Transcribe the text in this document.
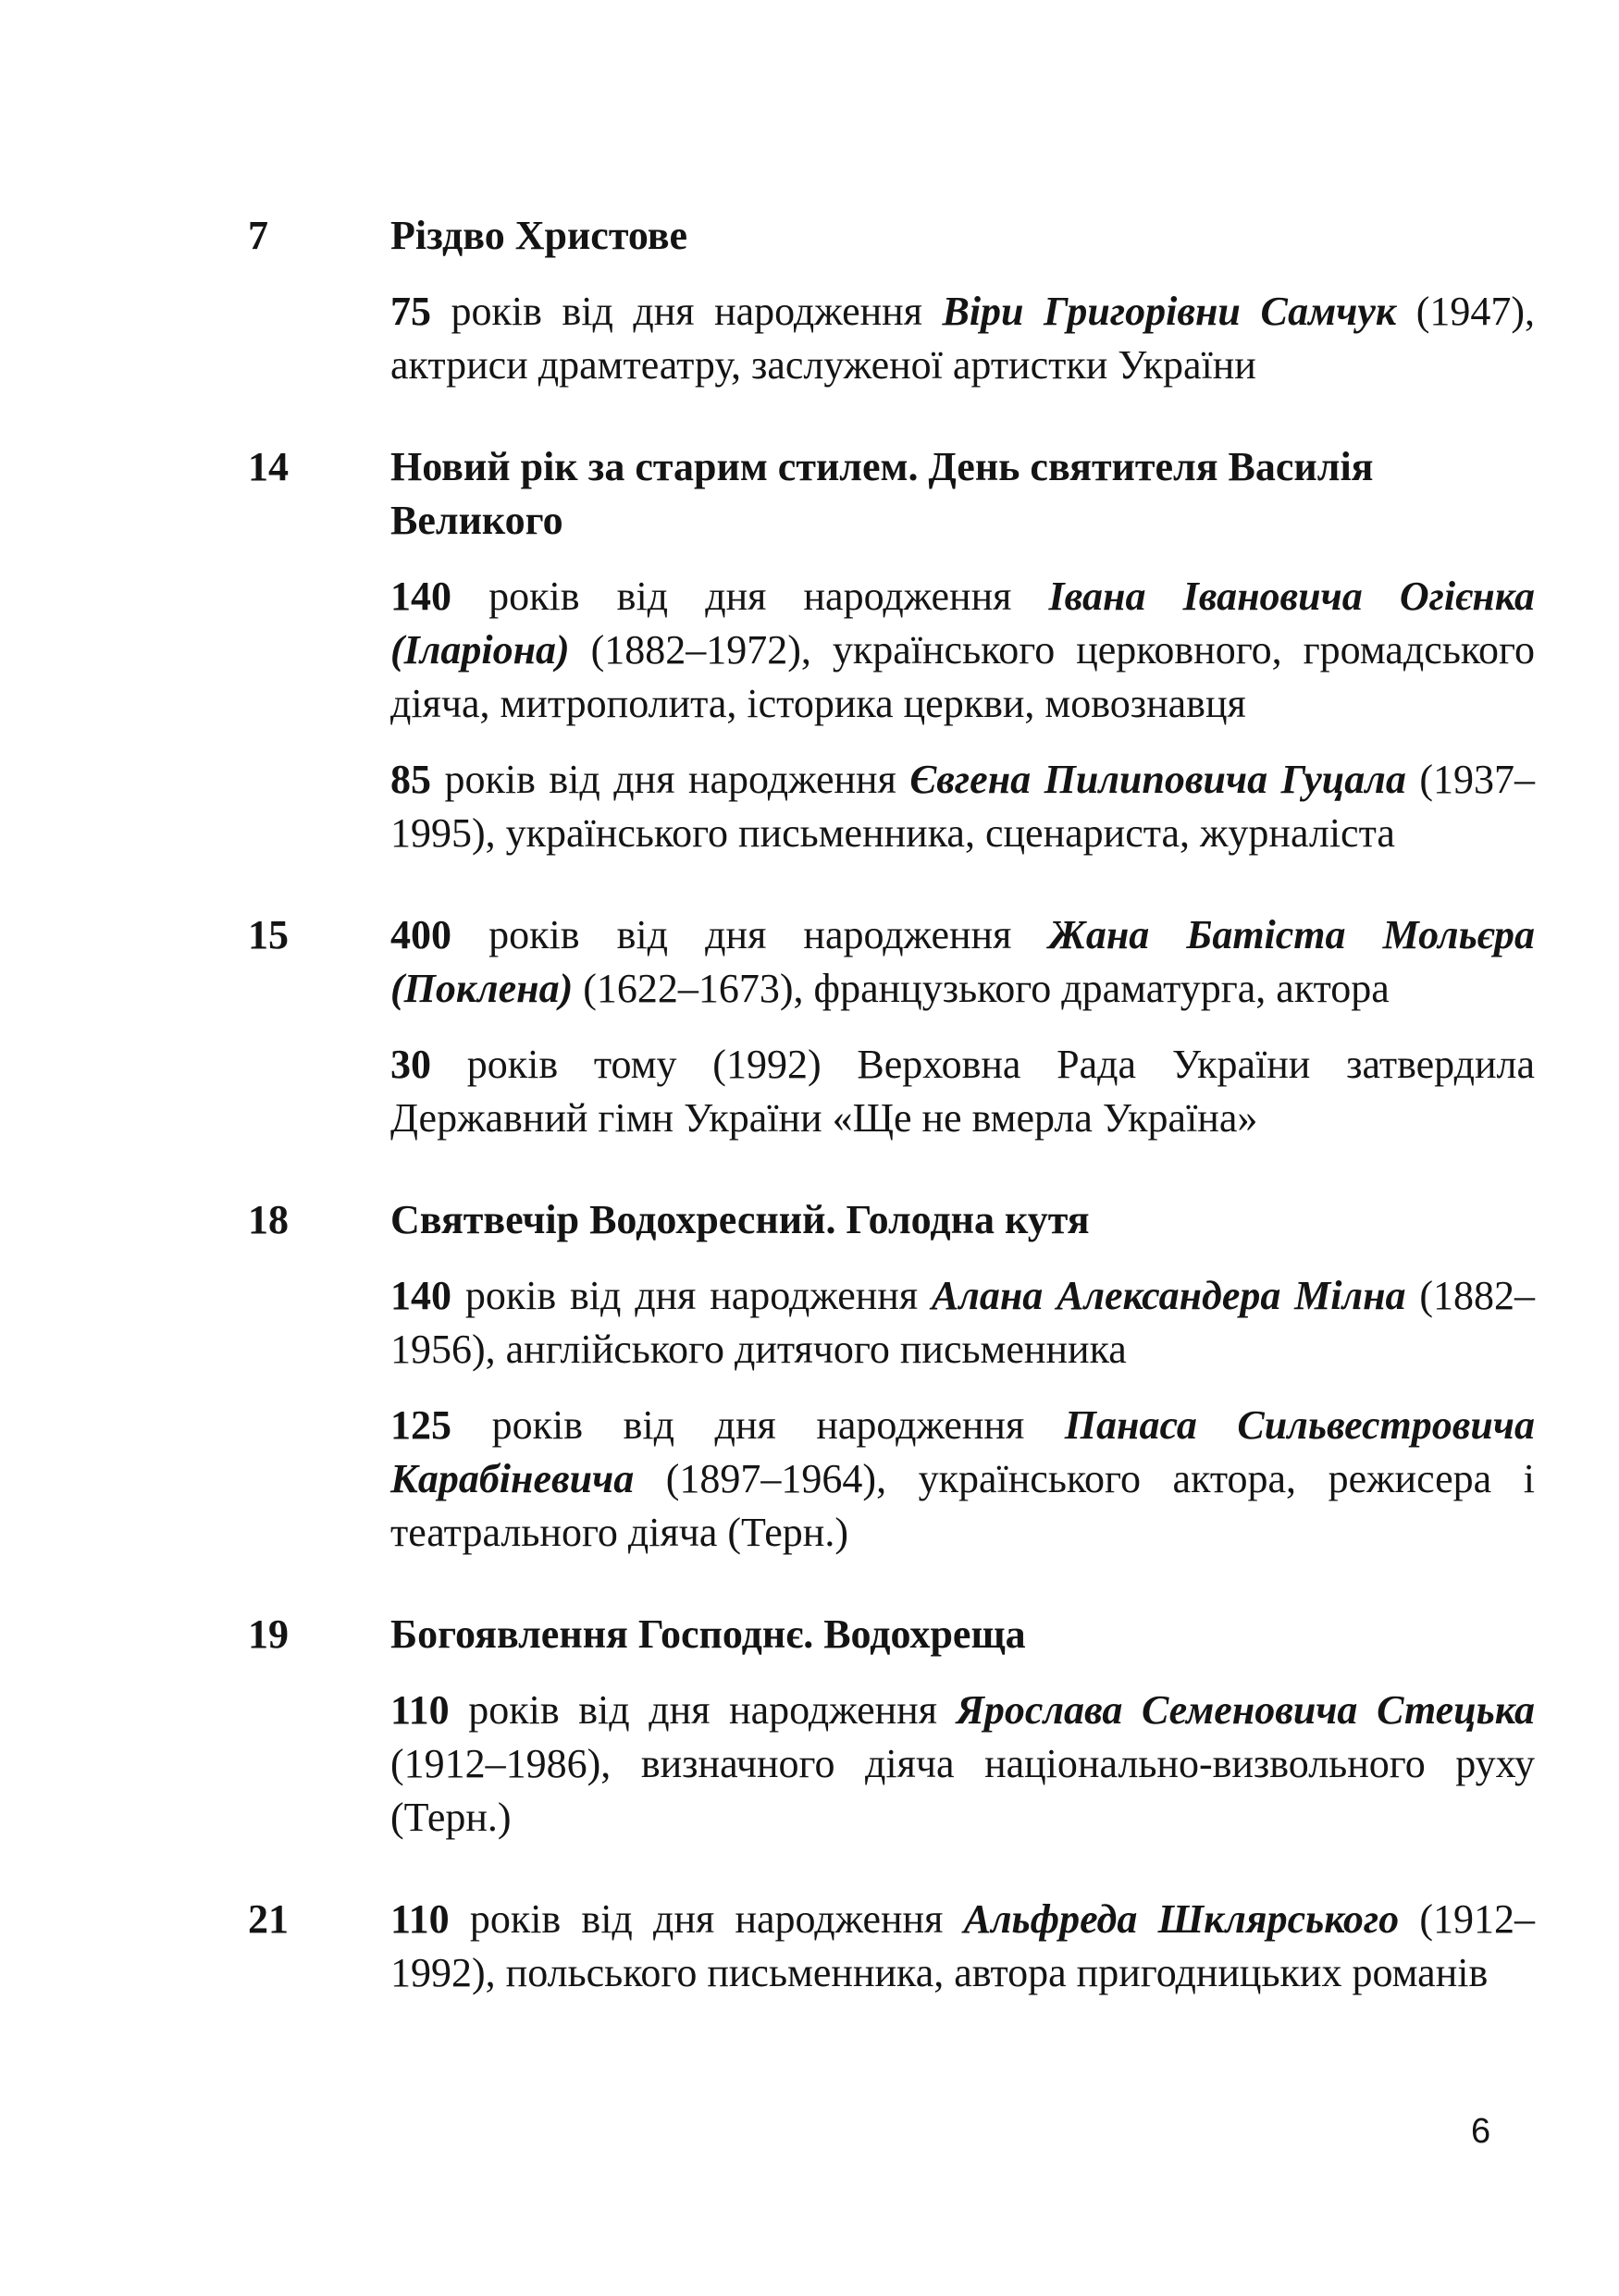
7	Різдво Христове
75 років від дня народження Віри Григорівни Самчук (1947), актриси драмтеатру, заслуженої артистки України
14	Новий рік за старим стилем. День святителя Василія Великого
140 років від дня народження Івана Івановича Огієнка (Іларіона) (1882–1972), українського церковного, громадського діяча, митрополита, історика церкви, мовознавця
85 років від дня народження Євгена Пилиповича Гуцала (1937–1995), українського письменника, сценариста, журналіста
15	400 років від дня народження Жана Батіста Мольєра (Поклена) (1622–1673), французького драматурга, актора
30 років тому (1992) Верховна Рада України затвердила Державний гімн України «Ще не вмерла Україна»
18	Святвечір Водохресний. Голодна кутя
140 років від дня народження Алана Александера Мілна (1882–1956), англійського дитячого письменника
125 років від дня народження Панаса Сильвестровича Карабіневича (1897–1964), українського актора, режисера і театрального діяча (Терн.)
19	Богоявлення Господнє. Водохреща
110 років від дня народження Ярослава Семеновича Стецька (1912–1986), визначного діяча національно-визвольного руху (Терн.)
21	110 років від дня народження Альфреда Шклярського (1912–1992), польського письменника, автора пригодницьких романів
6
